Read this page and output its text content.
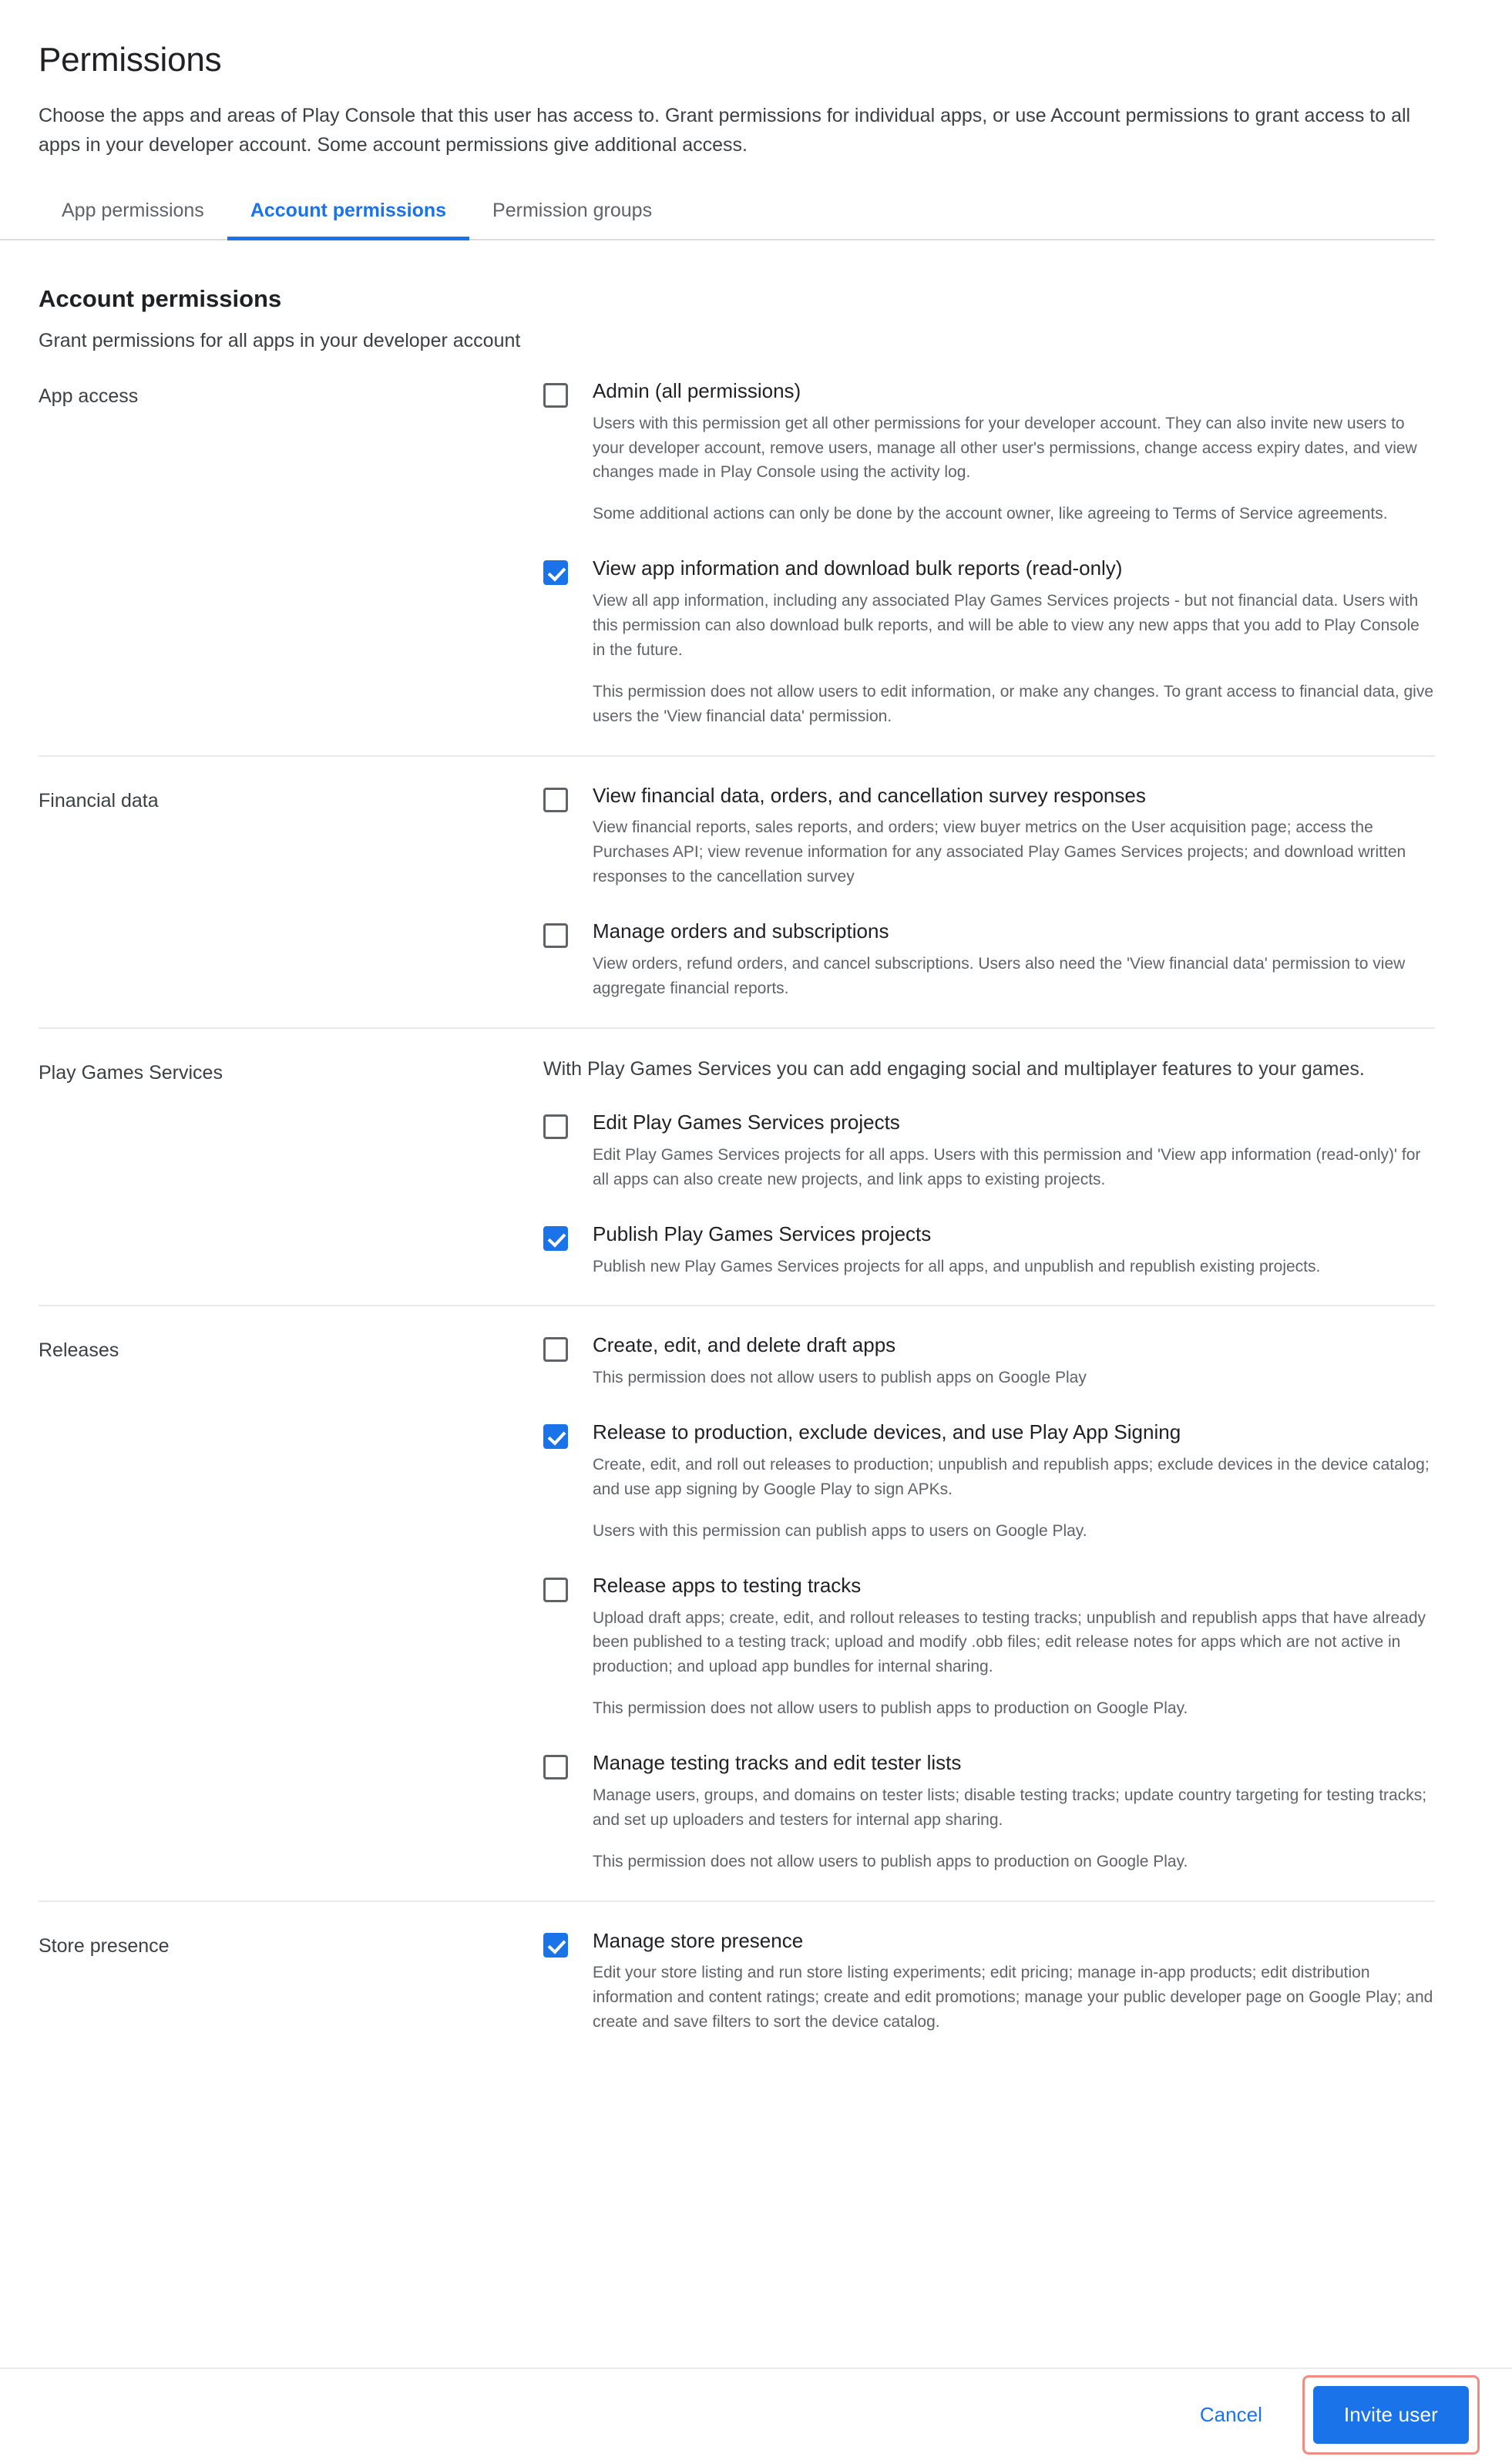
Permissions

Choose the apps and areas of Play Console that this user has access to. Grant permissions for individual apps, or use Account permissions to grant access to all apps in your developer account. Some account permissions give additional access.

App permissions	Account permissions	Permission groups
Account permissions

Grant permissions for all apps in your developer account

App access	Admin (all permissions)
Users with this permission get all other permissions for your developer account. They can also invite new users to your developer account, remove users, manage all other user's permissions, change access expiry dates, and view changes made in Play Console using the activity log.
Some additional actions can only be done by the account owner, like agreeing to Terms of Service agreements.
View app information and download bulk reports (read-only)
View all app information, including any associated Play Games Services projects - but not financial data. Users with this permission can also download bulk reports, and will be able to view any new apps that you add to Play Console in the future.
This permission does not allow users to edit information, or make any changes. To grant access to financial data, give users the 'View financial data' permission.
Financial data	View financial data, orders, and cancellation survey responses
View financial reports, sales reports, and orders; view buyer metrics on the User acquisition page; access the Purchases API; view revenue information for any associated Play Games Services projects; and download written responses to the cancellation survey
Manage orders and subscriptions
View orders, refund orders, and cancel subscriptions. Users also need the 'View financial data' permission to view aggregate financial reports.
Play Games Services	With Play Games Services you can add engaging social and multiplayer features to your games.
Edit Play Games Services projects
Edit Play Games Services projects for all apps. Users with this permission and 'View app information (read-only)' for all apps can also create new projects, and link apps to existing projects.
Publish Play Games Services projects
Publish new Play Games Services projects for all apps, and unpublish and republish existing projects.
Releases	Create, edit, and delete draft apps
This permission does not allow users to publish apps on Google Play
Release to production, exclude devices, and use Play App Signing
Create, edit, and roll out releases to production; unpublish and republish apps; exclude devices in the device catalog; and use app signing by Google Play to sign APKs.
Users with this permission can publish apps to users on Google Play.
Release apps to testing tracks
Upload draft apps; create, edit, and rollout releases to testing tracks; unpublish and republish apps that have already been published to a testing track; upload and modify .obb files; edit release notes for apps which are not active in production; and upload app bundles for internal sharing.
This permission does not allow users to publish apps to production on Google Play.
Manage testing tracks and edit tester lists
Manage users, groups, and domains on tester lists; disable testing tracks; update country targeting for testing tracks; and set up uploaders and testers for internal app sharing.
This permission does not allow users to publish apps to production on Google Play.
Store presence	Manage store presence
Edit your store listing and run store listing experiments; edit pricing; manage in-app products; edit distribution information and content ratings; create and edit promotions; manage your public developer page on Google Play; and create and save filters to sort the device catalog.
Cancel	Invite user
